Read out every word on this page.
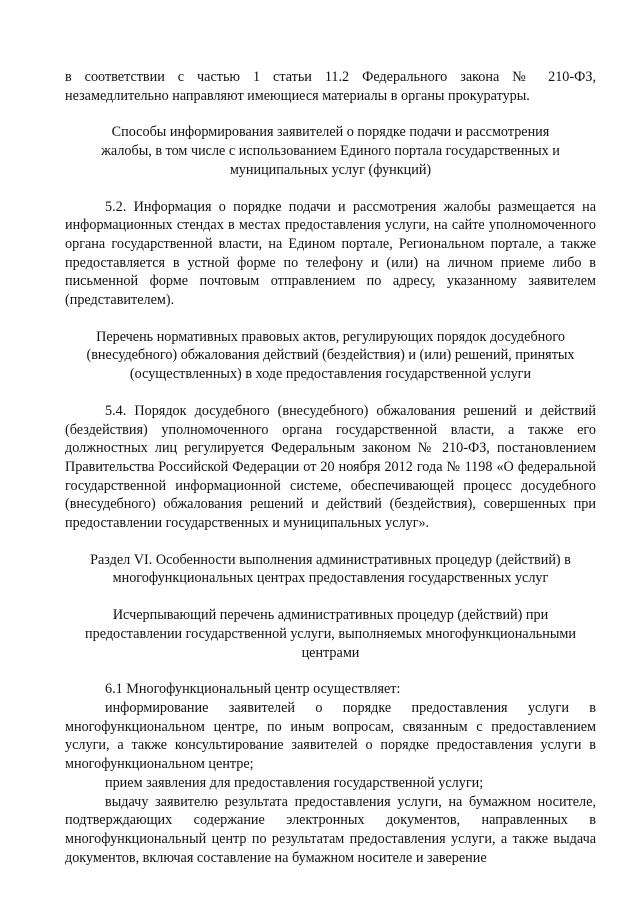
в соответствии с частью 1 статьи 11.2 Федерального закона № 210-ФЗ, незамедлительно направляют имеющиеся материалы в органы прокуратуры.

Способы информирования заявителей о порядке подачи и рассмотрения жалобы, в том числе с использованием Единого портала государственных и муниципальных услуг (функций)

5.2. Информация о порядке подачи и рассмотрения жалобы размещается на информационных стендах в местах предоставления услуги, на сайте уполномоченного органа государственной власти, на Едином портале, Региональном портале, а также предоставляется в устной форме по телефону и (или) на личном приеме либо в письменной форме почтовым отправлением по адресу, указанному заявителем (представителем).

Перечень нормативных правовых актов, регулирующих порядок досудебного (внесудебного) обжалования действий (бездействия) и (или) решений, принятых (осуществленных) в ходе предоставления государственной услуги

5.4. Порядок досудебного (внесудебного) обжалования решений и действий (бездействия) уполномоченного органа государственной власти, а также его должностных лиц регулируется Федеральным законом № 210-ФЗ, постановлением Правительства Российской Федерации от 20 ноября 2012 года № 1198 «О федеральной государственной информационной системе, обеспечивающей процесс досудебного (внесудебного) обжалования решений и действий (бездействия), совершенных при предоставлении государственных и муниципальных услуг».

Раздел VI. Особенности выполнения административных процедур (действий) в многофункциональных центрах предоставления государственных услуг

Исчерпывающий перечень административных процедур (действий) при предоставлении государственной услуги, выполняемых многофункциональными центрами

6.1 Многофункциональный центр осуществляет:

информирование заявителей о порядке предоставления услуги в многофункциональном центре, по иным вопросам, связанным с предоставлением услуги, а также консультирование заявителей о порядке предоставления услуги в многофункциональном центре;

прием заявления для предоставления государственной услуги;

выдачу заявителю результата предоставления услуги, на бумажном носителе, подтверждающих содержание электронных документов, направленных в многофункциональный центр по результатам предоставления услуги, а также выдача документов, включая составление на бумажном носителе и заверение
